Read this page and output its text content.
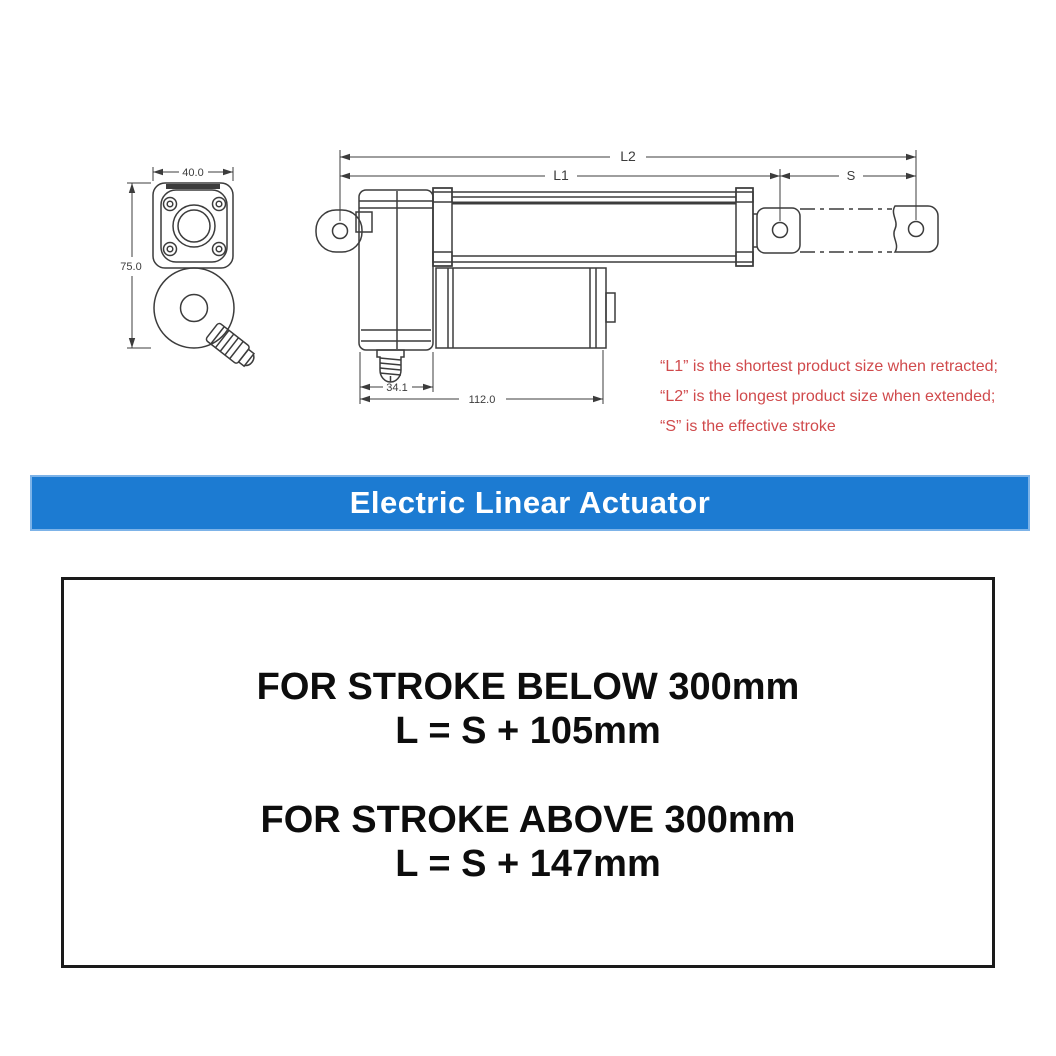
40.0
75.0
L2
L1	S
34.1
112.0
“L1” is the shortest product size when retracted;
“L2” is the longest product size when extended;
“S” is the effective stroke
Electric Linear Actuator
FOR STROKE BELOW 300mm
L = S + 105mm
FOR STROKE ABOVE 300mm
L = S + 147mm
